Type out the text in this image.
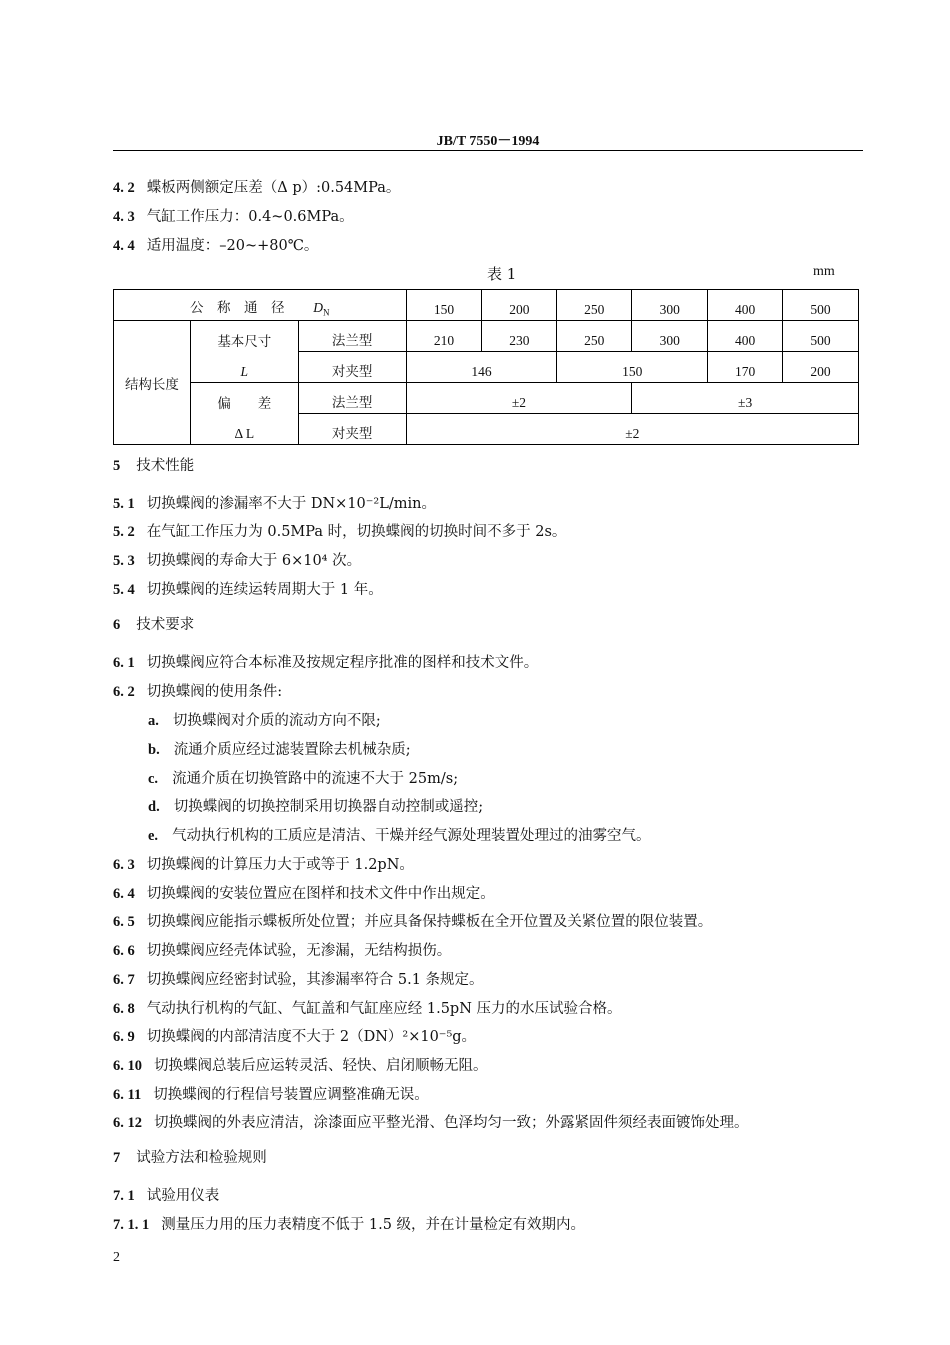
JB/T 7550－1994
4. 2 蝶板两侧额定压差（Δ p）:0.54MPa。
4. 3 气缸工作压力：0.4~0.6MPa。
4. 4 适用温度：–20~+80℃。
表 1	mm
公　称　通　径 $D_N$			150	200	250	300	400	500
结构长度	基本尺寸	法兰型	210	230	250	300	400	500
	L	对夹型	146		150		170	200
	偏　　差	法兰型	±2			±3		
	Δ L	对夹型	±2					
5 技术性能
5. 1 切换蝶阀的渗漏率不大于 DN×10⁻²L/min。
5. 2 在气缸工作压力为 0.5MPa 时，切换蝶阀的切换时间不多于 2s。
5. 3 切换蝶阀的寿命大于 6×10⁴ 次。
5. 4 切换蝶阀的连续运转周期大于 1 年。
6 技术要求
6. 1 切换蝶阀应符合本标准及按规定程序批准的图样和技术文件。
6. 2 切换蝶阀的使用条件:
a. 切换蝶阀对介质的流动方向不限;
b. 流通介质应经过滤装置除去机械杂质;
c. 流通介质在切换管路中的流速不大于 25m/s;
d. 切换蝶阀的切换控制采用切换器自动控制或遥控;
e. 气动执行机构的工质应是清洁、干燥并经气源处理装置处理过的油雾空气。
6. 3 切换蝶阀的计算压力大于或等于 1.2pN。
6. 4 切换蝶阀的安装位置应在图样和技术文件中作出规定。
6. 5 切换蝶阀应能指示蝶板所处位置；并应具备保持蝶板在全开位置及关紧位置的限位装置。
6. 6 切换蝶阀应经壳体试验，无渗漏，无结构损伤。
6. 7 切换蝶阀应经密封试验，其渗漏率符合 5.1 条规定。
6. 8 气动执行机构的气缸、气缸盖和气缸座应经 1.5pN 压力的水压试验合格。
6. 9 切换蝶阀的内部清洁度不大于 2（DN）²×10⁻⁵g。
6. 10 切换蝶阀总装后应运转灵活、轻快、启闭顺畅无阻。
6. 11 切换蝶阀的行程信号装置应调整准确无误。
6. 12 切换蝶阀的外表应清洁，涂漆面应平整光滑、色泽均匀一致；外露紧固件须经表面镀饰处理。
7 试验方法和检验规则
7. 1 试验用仪表
7. 1. 1 测量压力用的压力表精度不低于 1.5 级，并在计量检定有效期内。
2
